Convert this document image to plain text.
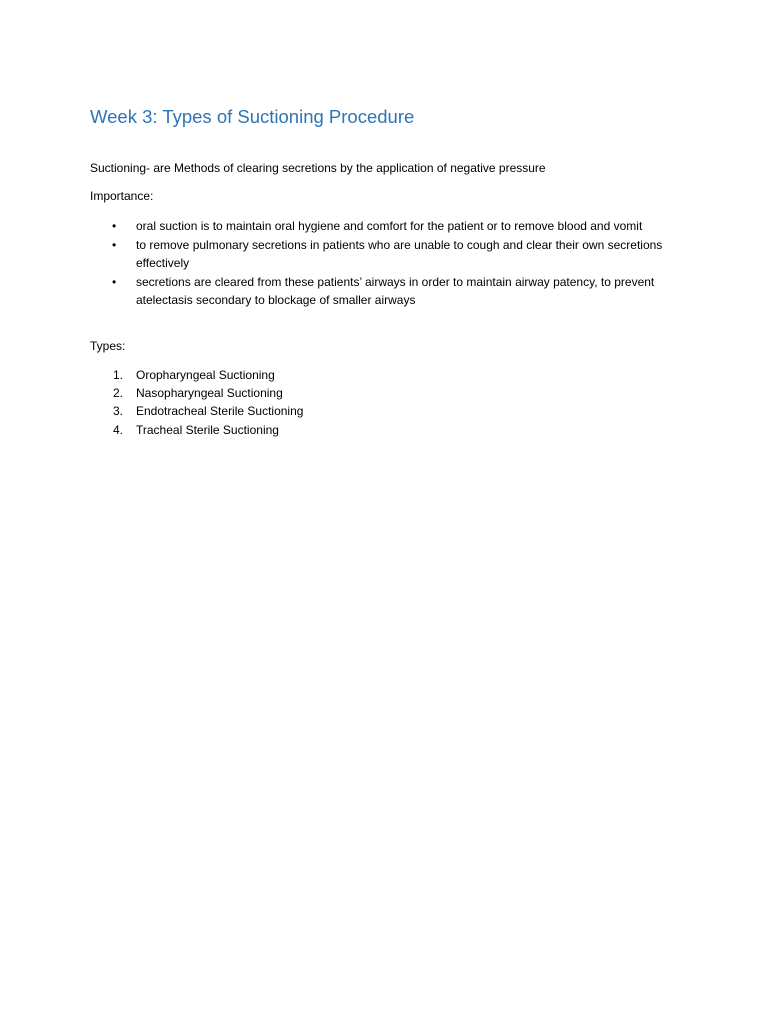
Week 3: Types of Suctioning Procedure

Suctioning- are Methods of clearing secretions by the application of negative pressure

Importance:

• oral suction is to maintain oral hygiene and comfort for the patient or to remove blood and vomit
• to remove pulmonary secretions in patients who are unable to cough and clear their own secretions effectively
• secretions are cleared from these patients’ airways in order to maintain airway patency, to prevent atelectasis secondary to blockage of smaller airways

Types:

1. Oropharyngeal Suctioning
2. Nasopharyngeal Suctioning
3. Endotracheal Sterile Suctioning
4. Tracheal Sterile Suctioning
